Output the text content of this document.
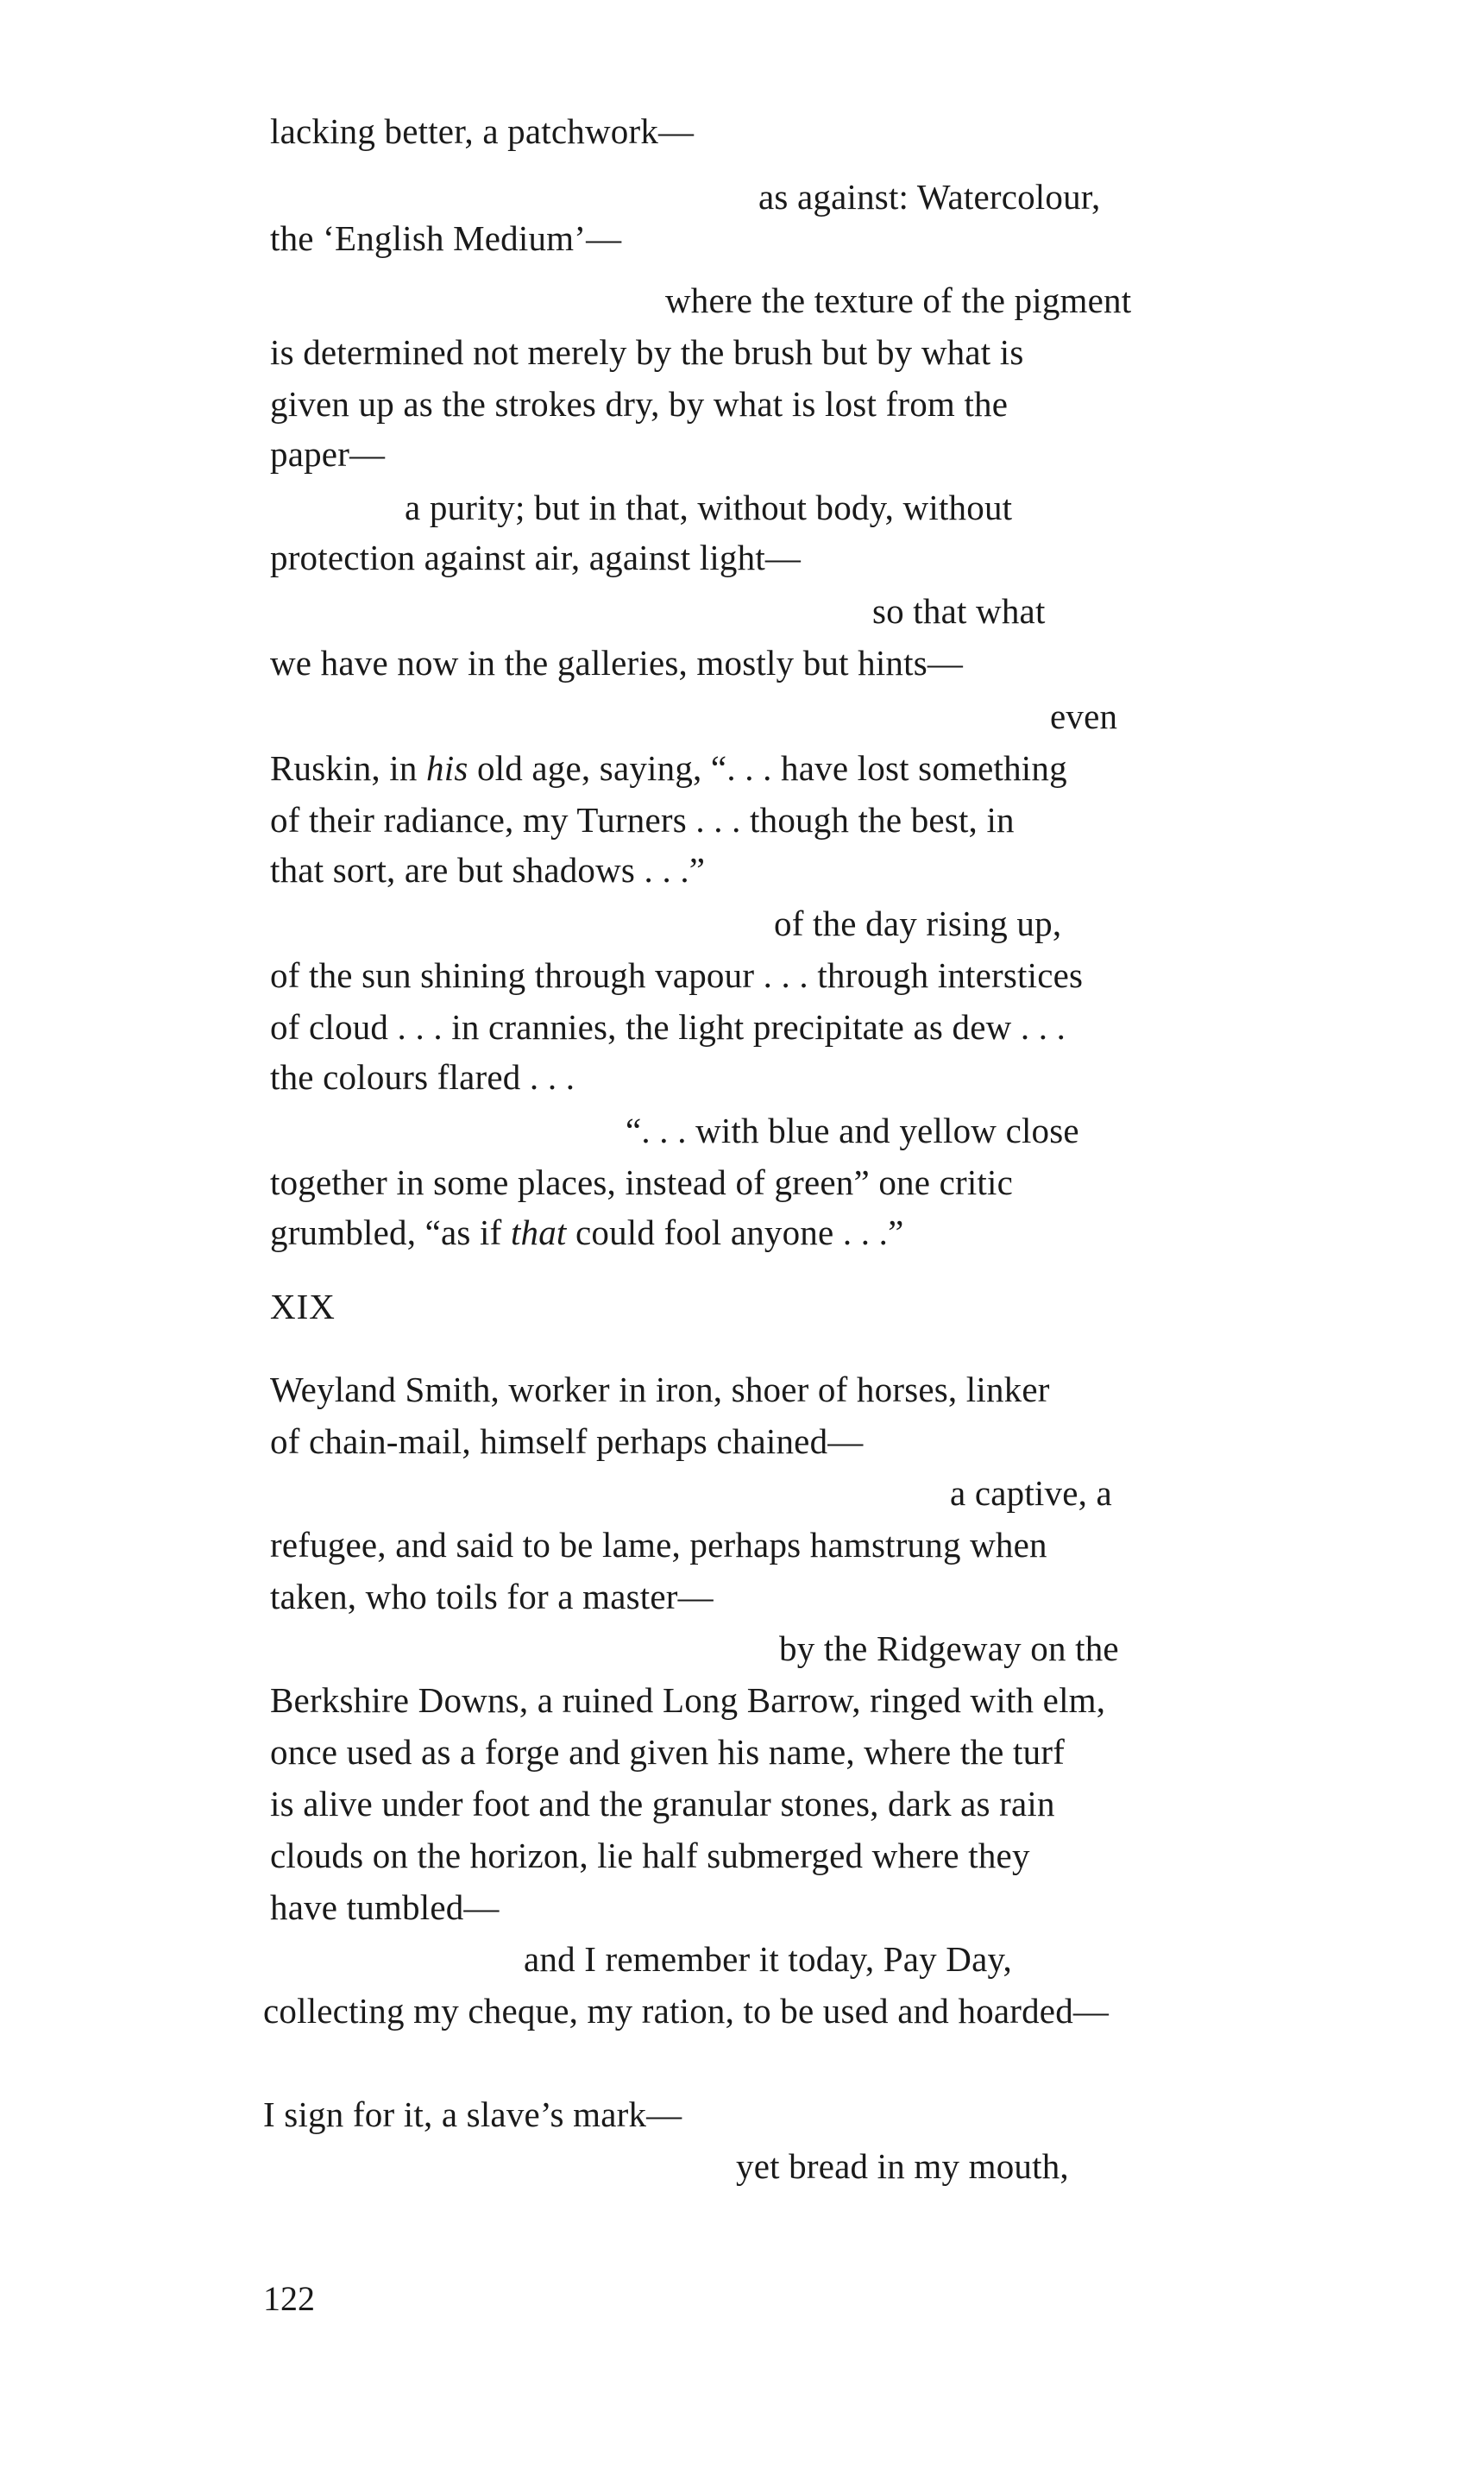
lacking better, a patchwork—
as against: Watercolour,
the ‘English Medium’—
where the texture of the pigment
is determined not merely by the brush but by what is
given up as the strokes dry, by what is lost from the
paper—
a purity; but in that, without body, without
protection against air, against light—
so that what
we have now in the galleries, mostly but hints—
even
Ruskin, in his old age, saying, “. . . have lost something
of their radiance, my Turners . . . though the best, in
that sort, are but shadows . . .”
of the day rising up,
of the sun shining through vapour . . . through interstices
of cloud . . . in crannies, the light precipitate as dew . . .
the colours flared . . .
“. . . with blue and yellow close
together in some places, instead of green” one critic
grumbled, “as if that could fool anyone . . .”
XIX
Weyland Smith, worker in iron, shoer of horses, linker
of chain-mail, himself perhaps chained—
a captive, a
refugee, and said to be lame, perhaps hamstrung when
taken, who toils for a master—
by the Ridgeway on the
Berkshire Downs, a ruined Long Barrow, ringed with elm,
once used as a forge and given his name, where the turf
is alive under foot and the granular stones, dark as rain
clouds on the horizon, lie half submerged where they
have tumbled—
and I remember it today, Pay Day,
collecting my cheque, my ration, to be used and hoarded—
I sign for it, a slave’s mark—
yet bread in my mouth,
122
